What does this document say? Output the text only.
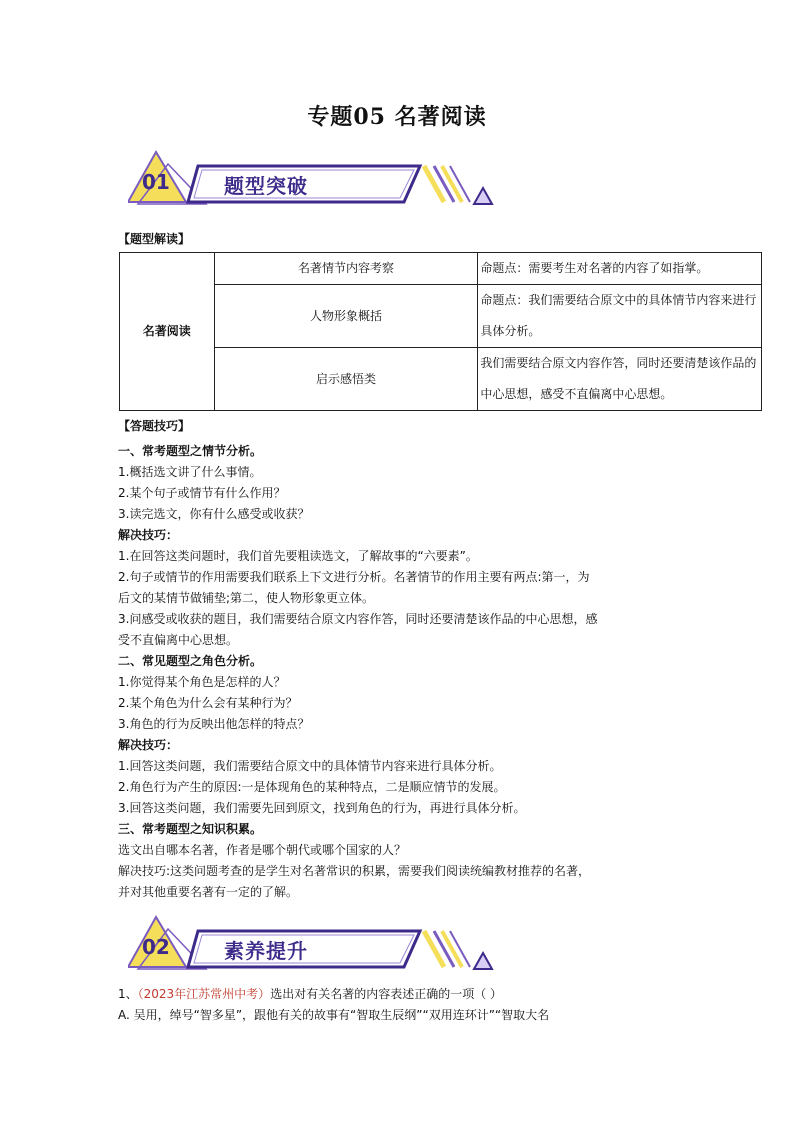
专题05 名著阅读
01	题型突破
【题型解读】
名著阅读	名著情节内容考察	命题点：需要考生对名著的内容了如指掌。
	人物形象概括	命题点：我们需要结合原文中的具体情节内容来进行具体分析。
	启示感悟类	我们需要结合原文内容作答，同时还要清楚该作品的中心思想，感受不直偏离中心思想。
【答题技巧】
一、常考题型之情节分析。
1.概括选文讲了什么事情。
2.某个句子或情节有什么作用？
3.读完选文，你有什么感受或收获？
解决技巧：
1.在回答这类问题时，我们首先要粗读选文，了解故事的“六要素”。
2.句子或情节的作用需要我们联系上下文进行分析。名著情节的作用主要有两点:第一，为
后文的某情节做铺垫;第二，使人物形象更立体。
3.问感受或收获的题目，我们需要结合原文内容作答，同时还要清楚该作品的中心思想，感
受不直偏离中心思想。
二、常见题型之角色分析。
1.你觉得某个角色是怎样的人？
2.某个角色为什么会有某种行为？
3.角色的行为反映出他怎样的特点？
解决技巧：
1.回答这类问题，我们需要结合原文中的具体情节内容来进行具体分析。
2.角色行为产生的原因:一是体现角色的某种特点，二是顺应情节的发展。
3.回答这类问题，我们需要先回到原文，找到角色的行为，再进行具体分析。
三、常考题型之知识积累。
选文出自哪本名著，作者是哪个朝代或哪个国家的人？
解决技巧:这类问题考查的是学生对名著常识的积累，需要我们阅读统编教材推荐的名著，
并对其他重要名著有一定的了解。
02	素养提升
1、（2023年江苏常州中考）选出对有关名著的内容表述正确的一项（ ）
A. 吴用，绰号“智多星”，跟他有关的故事有“智取生辰纲”“双用连环计”“智取大名
